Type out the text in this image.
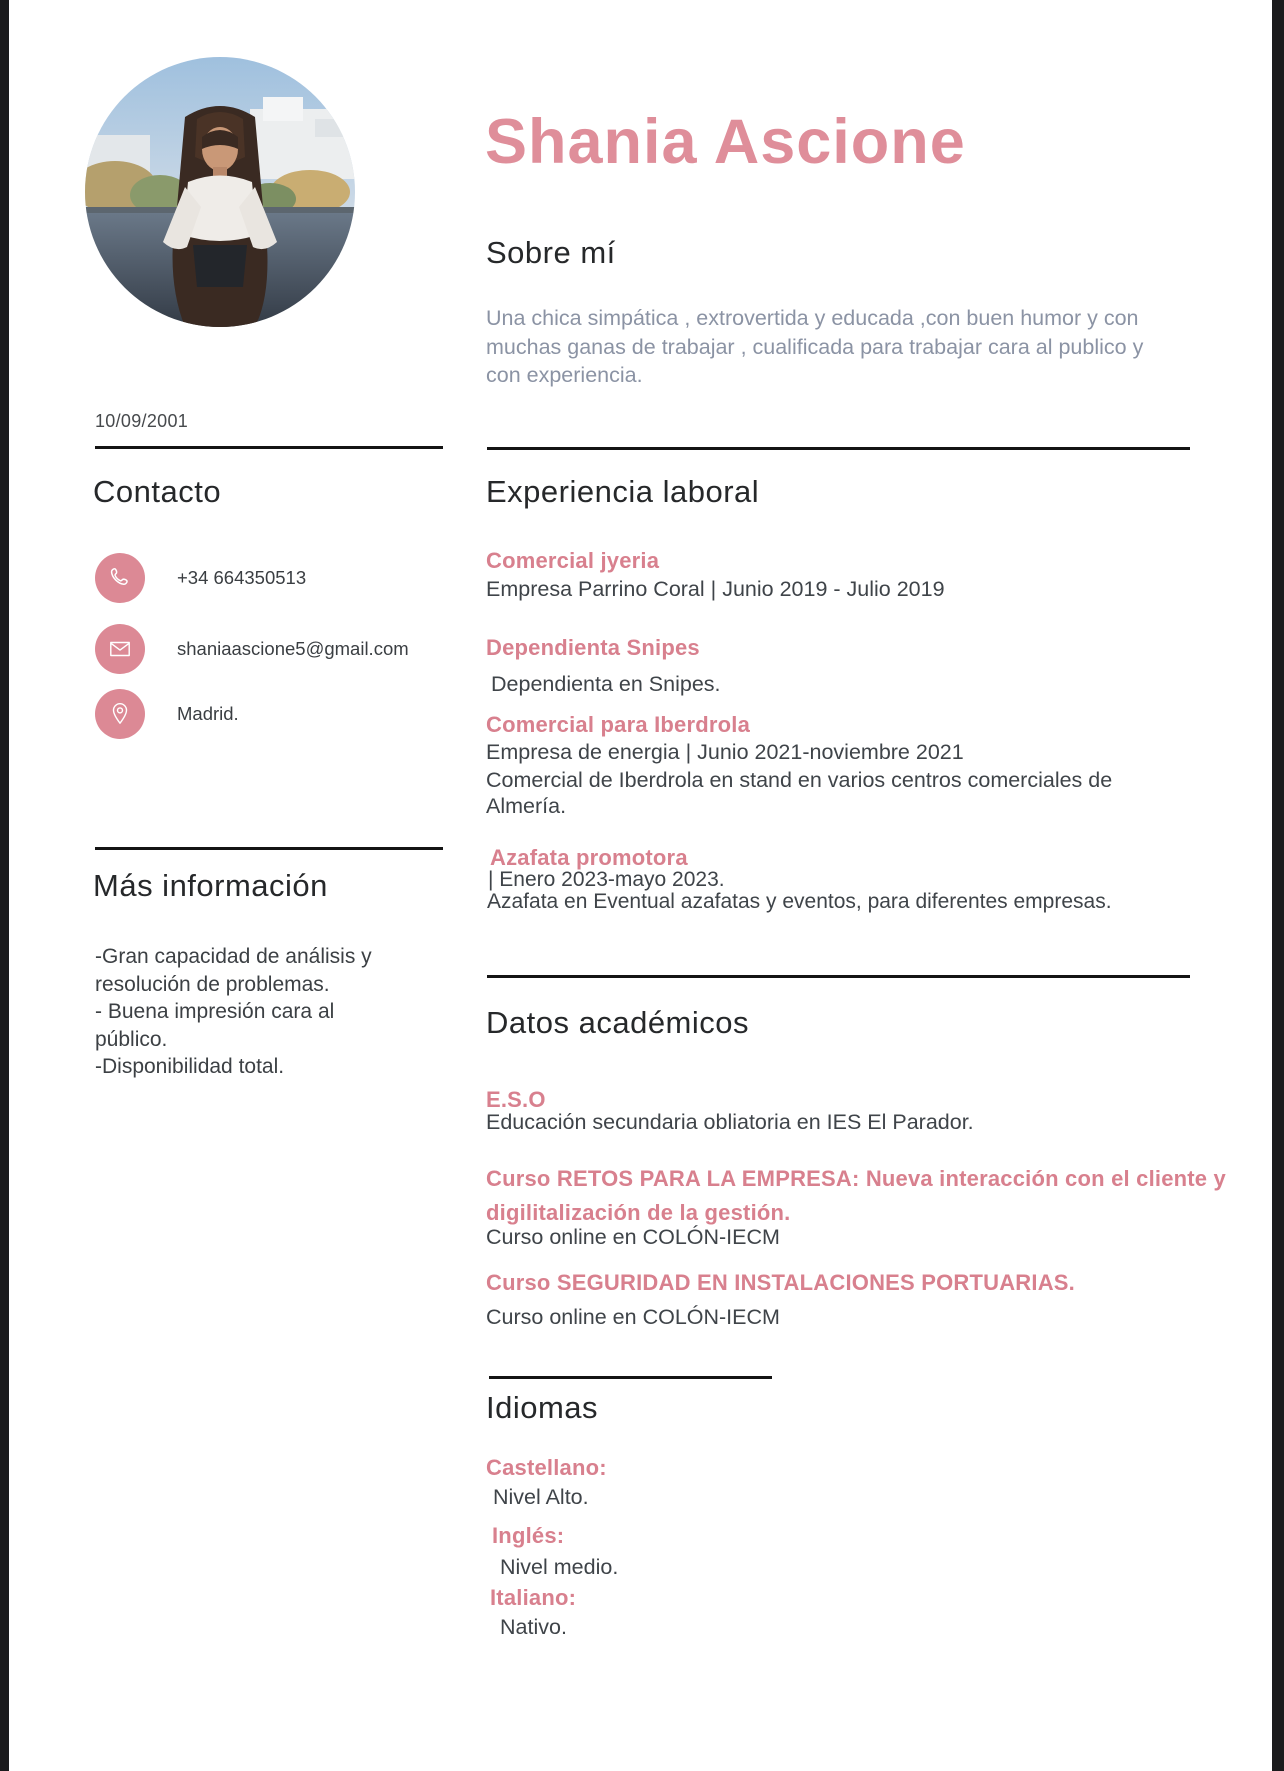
10/09/2001
Contacto
+34 664350513
shaniaascione5@gmail.com
Madrid.
Más información
-Gran capacidad de análisis y resolución de problemas.
- Buena impresión cara al público.
-Disponibilidad total.
Shania Ascione
Sobre mí
Una chica simpática , extrovertida y educada ,con buen humor y con muchas ganas de trabajar , cualificada para trabajar cara al publico y con experiencia.
Experiencia laboral
Comercial jyeria
Empresa Parrino Coral | Junio 2019 - Julio 2019
Dependienta Snipes
Dependienta en Snipes.
Comercial para Iberdrola
Empresa de energia | Junio 2021-noviembre 2021
Comercial de Iberdrola en stand en varios centros comerciales de Almería.
Azafata promotora
| Enero 2023-mayo 2023.
Azafata en Eventual azafatas y eventos, para diferentes empresas.
Datos académicos
E.S.O
Educación secundaria obliatoria en IES El Parador.
Curso RETOS PARA LA EMPRESA: Nueva interacción con el cliente y digilitalización de la gestión.
Curso online en COLÓN-IECM
Curso SEGURIDAD EN INSTALACIONES PORTUARIAS.
Curso online en COLÓN-IECM
Idiomas
Castellano:
Nivel Alto.
Inglés:
Nivel medio.
Italiano:
Nativo.
